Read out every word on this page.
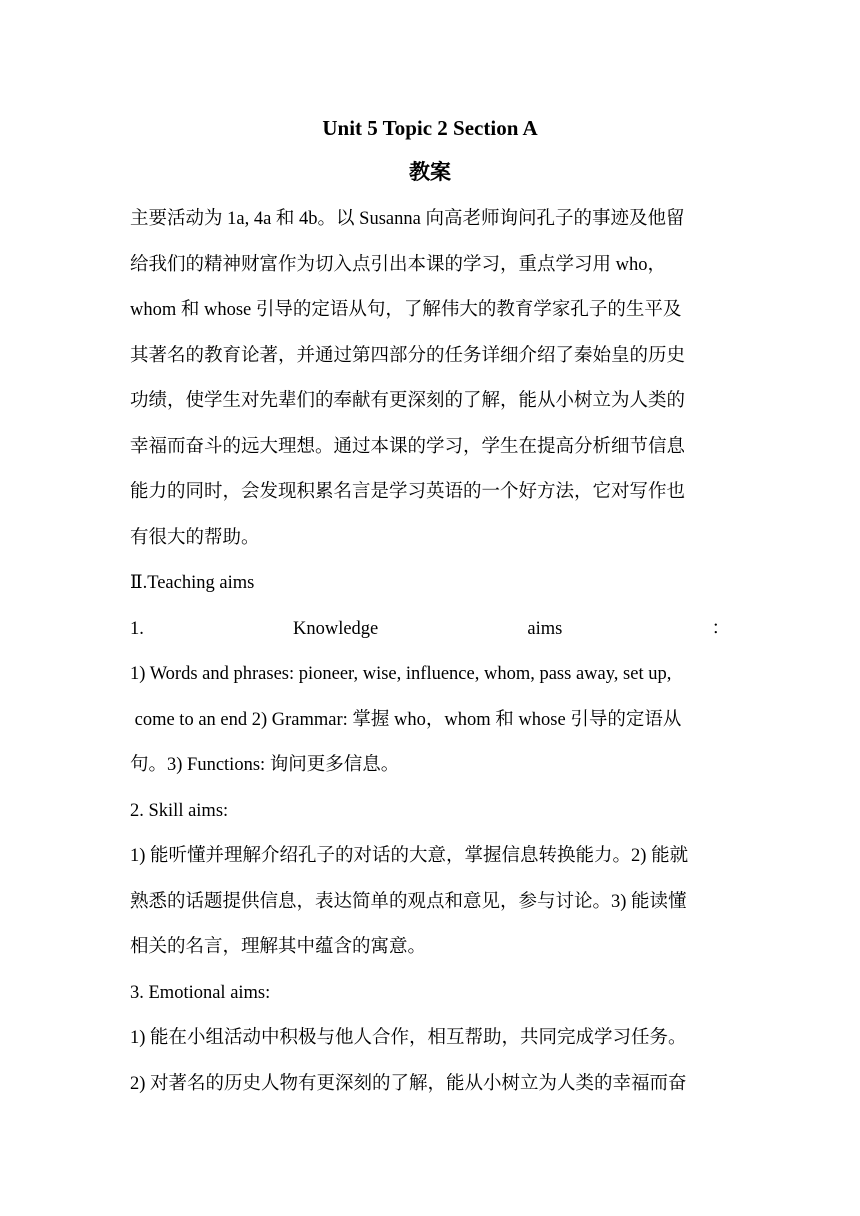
Unit 5 Topic 2 Section A
教案
主要活动为 1a, 4a 和 4b。以 Susanna 向高老师询问孔子的事迹及他留
给我们的精神财富作为切入点引出本课的学习，重点学习用 who，
whom 和 whose 引导的定语从句，了解伟大的教育学家孔子的生平及
其著名的教育论著，并通过第四部分的任务详细介绍了秦始皇的历史
功绩，使学生对先辈们的奉献有更深刻的了解，能从小树立为人类的
幸福而奋斗的远大理想。通过本课的学习，学生在提高分析细节信息
能力的同时，会发现积累名言是学习英语的一个好方法，它对写作也
有很大的帮助。
Ⅱ.Teaching aims
1.	Knowledge	aims	：
1) Words and phrases: pioneer, wise, influence, whom, pass away, set up,
come to an end 2) Grammar: 掌握 who，whom 和 whose 引导的定语从
句。3) Functions: 询问更多信息。
2. Skill aims:
1) 能听懂并理解介绍孔子的对话的大意，掌握信息转换能力。2) 能就
熟悉的话题提供信息，表达简单的观点和意见，参与讨论。3) 能读懂
相关的名言，理解其中蕴含的寓意。
3. Emotional aims:
1) 能在小组活动中积极与他人合作，相互帮助，共同完成学习任务。
2) 对著名的历史人物有更深刻的了解，能从小树立为人类的幸福而奋
